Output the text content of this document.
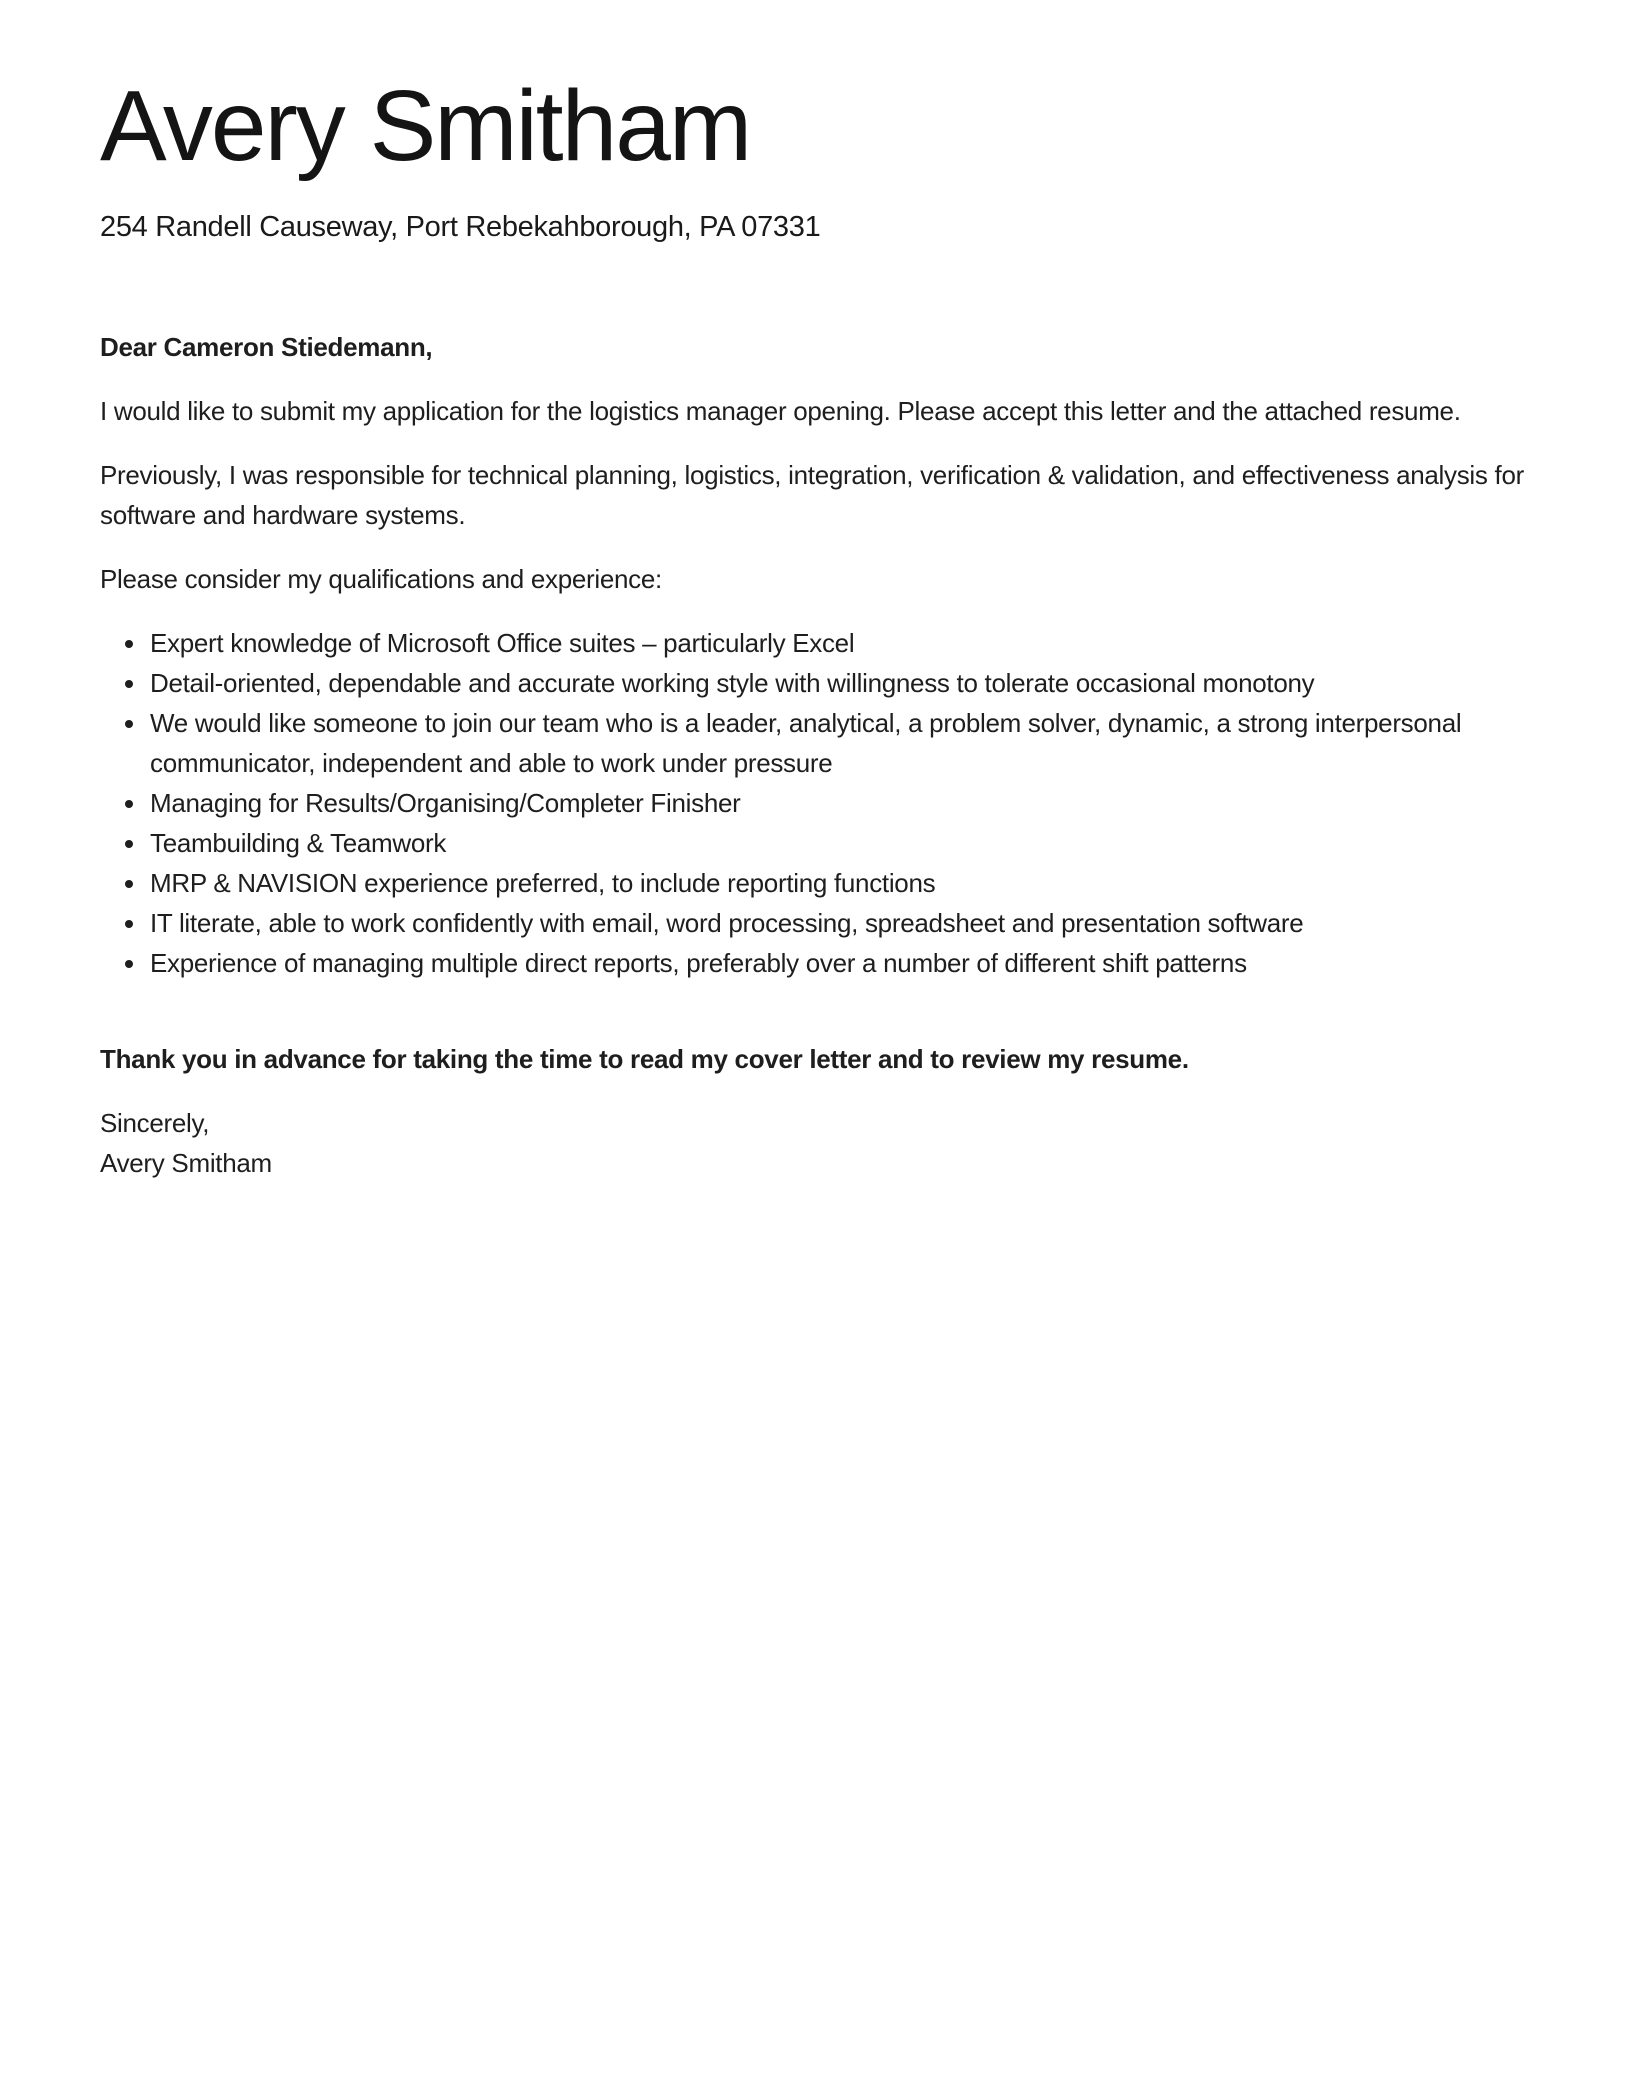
Avery Smitham
254 Randell Causeway, Port Rebekahborough, PA 07331

Dear Cameron Stiedemann,

I would like to submit my application for the logistics manager opening. Please accept this letter and the attached resume.

Previously, I was responsible for technical planning, logistics, integration, verification & validation, and effectiveness analysis for software and hardware systems.

Please consider my qualifications and experience:

• Expert knowledge of Microsoft Office suites – particularly Excel
• Detail-oriented, dependable and accurate working style with willingness to tolerate occasional monotony
• We would like someone to join our team who is a leader, analytical, a problem solver, dynamic, a strong interpersonal communicator, independent and able to work under pressure
• Managing for Results/Organising/Completer Finisher
• Teambuilding & Teamwork
• MRP & NAVISION experience preferred, to include reporting functions
• IT literate, able to work confidently with email, word processing, spreadsheet and presentation software
• Experience of managing multiple direct reports, preferably over a number of different shift patterns

Thank you in advance for taking the time to read my cover letter and to review my resume.

Sincerely,
Avery Smitham
